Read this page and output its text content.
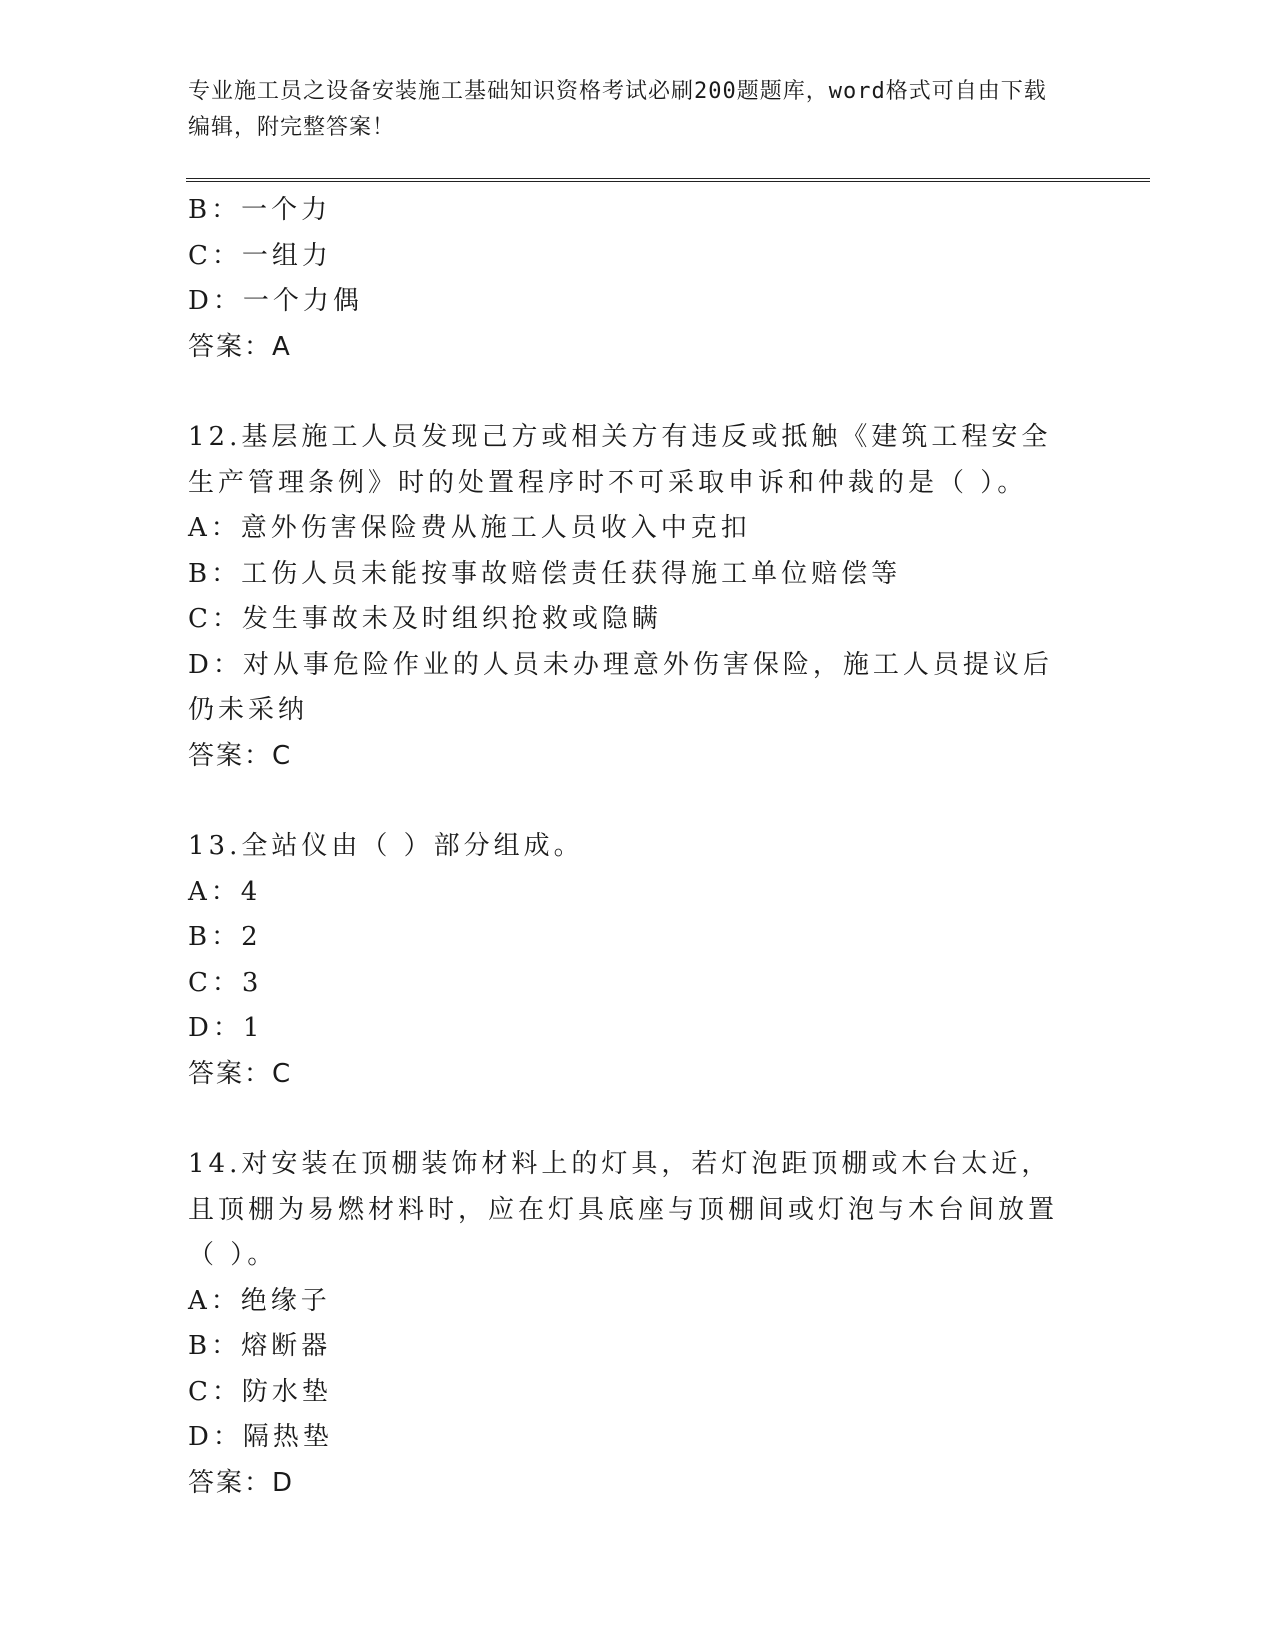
专业施工员之设备安装施工基础知识资格考试必刷200题题库，word格式可自由下载编辑，附完整答案！
B：一个力
C：一组力
D：一个力偶
答案：A
12.基层施工人员发现己方或相关方有违反或抵触《建筑工程安全生产管理条例》时的处置程序时不可采取申诉和仲裁的是（ ）。
A：意外伤害保险费从施工人员收入中克扣
B：工伤人员未能按事故赔偿责任获得施工单位赔偿等
C：发生事故未及时组织抢救或隐瞒
D：对从事危险作业的人员未办理意外伤害保险，施工人员提议后仍未采纳
答案：C
13.全站仪由（ ）部分组成。
A：4
B：2
C：3
D：1
答案：C
14.对安装在顶棚装饰材料上的灯具，若灯泡距顶棚或木台太近，且顶棚为易燃材料时，应在灯具底座与顶棚间或灯泡与木台间放置（ ）。
A：绝缘子
B：熔断器
C：防水垫
D：隔热垫
答案：D
